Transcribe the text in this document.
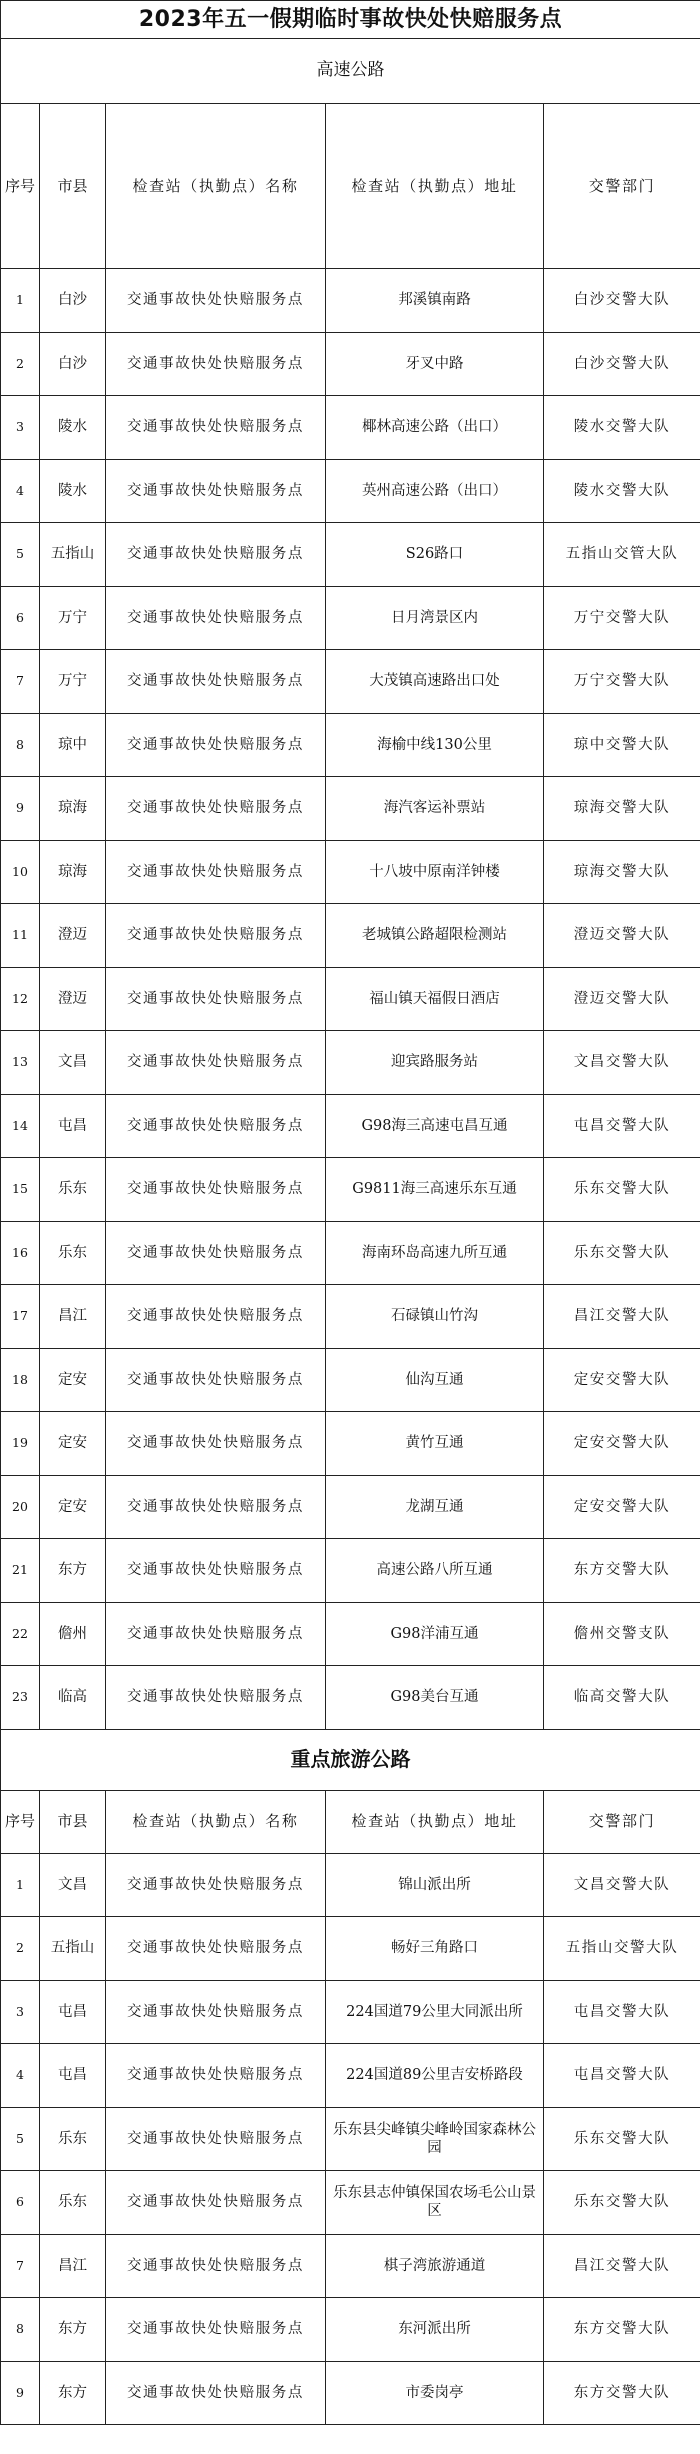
2023年五一假期临时事故快处快赔服务点				
高速公路				
序号	市县	检查站（执勤点）名称	检查站（执勤点）地址	交警部门
1	白沙	交通事故快处快赔服务点	邦溪镇南路	白沙交警大队
2	白沙	交通事故快处快赔服务点	牙叉中路	白沙交警大队
3	陵水	交通事故快处快赔服务点	椰林高速公路（出口）	陵水交警大队
4	陵水	交通事故快处快赔服务点	英州高速公路（出口）	陵水交警大队
5	五指山	交通事故快处快赔服务点	S26路口	五指山交管大队
6	万宁	交通事故快处快赔服务点	日月湾景区内	万宁交警大队
7	万宁	交通事故快处快赔服务点	大茂镇高速路出口处	万宁交警大队
8	琼中	交通事故快处快赔服务点	海榆中线130公里	琼中交警大队
9	琼海	交通事故快处快赔服务点	海汽客运补票站	琼海交警大队
10	琼海	交通事故快处快赔服务点	十八坡中原南洋钟楼	琼海交警大队
11	澄迈	交通事故快处快赔服务点	老城镇公路超限检测站	澄迈交警大队
12	澄迈	交通事故快处快赔服务点	福山镇天福假日酒店	澄迈交警大队
13	文昌	交通事故快处快赔服务点	迎宾路服务站	文昌交警大队
14	屯昌	交通事故快处快赔服务点	G98海三高速屯昌互通	屯昌交警大队
15	乐东	交通事故快处快赔服务点	G9811海三高速乐东互通	乐东交警大队
16	乐东	交通事故快处快赔服务点	海南环岛高速九所互通	乐东交警大队
17	昌江	交通事故快处快赔服务点	石碌镇山竹沟	昌江交警大队
18	定安	交通事故快处快赔服务点	仙沟互通	定安交警大队
19	定安	交通事故快处快赔服务点	黄竹互通	定安交警大队
20	定安	交通事故快处快赔服务点	龙湖互通	定安交警大队
21	东方	交通事故快处快赔服务点	高速公路八所互通	东方交警大队
22	儋州	交通事故快处快赔服务点	G98洋浦互通	儋州交警支队
23	临高	交通事故快处快赔服务点	G98美台互通	临高交警大队
重点旅游公路				
序号	市县	检查站（执勤点）名称	检查站（执勤点）地址	交警部门
1	文昌	交通事故快处快赔服务点	锦山派出所	文昌交警大队
2	五指山	交通事故快处快赔服务点	畅好三角路口	五指山交警大队
3	屯昌	交通事故快处快赔服务点	224国道79公里大同派出所	屯昌交警大队
4	屯昌	交通事故快处快赔服务点	224国道89公里吉安桥路段	屯昌交警大队
5	乐东	交通事故快处快赔服务点	乐东县尖峰镇尖峰岭国家森林公园	乐东交警大队
6	乐东	交通事故快处快赔服务点	乐东县志仲镇保国农场毛公山景区	乐东交警大队
7	昌江	交通事故快处快赔服务点	棋子湾旅游通道	昌江交警大队
8	东方	交通事故快处快赔服务点	东河派出所	东方交警大队
9	东方	交通事故快处快赔服务点	市委岗亭	东方交警大队
